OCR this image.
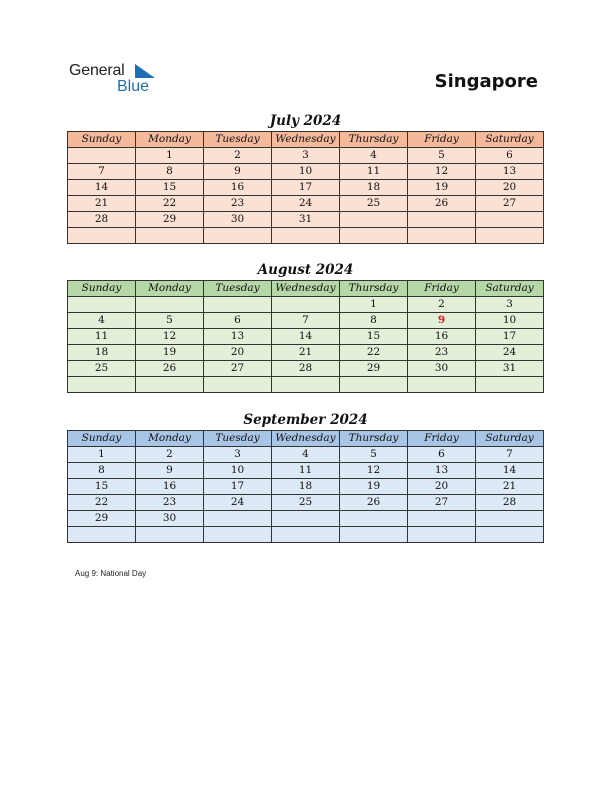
General
Blue	Singapore
July 2024
Sunday	Monday	Tuesday	Wednesday	Thursday	Friday	Saturday
	1	2	3	4	5	6
7	8	9	10	11	12	13
14	15	16	17	18	19	20
21	22	23	24	25	26	27
28	29	30	31			

August 2024
Sunday	Monday	Tuesday	Wednesday	Thursday	Friday	Saturday
				1	2	3
4	5	6	7	8	9	10
11	12	13	14	15	16	17
18	19	20	21	22	23	24
25	26	27	28	29	30	31

September 2024
Sunday	Monday	Tuesday	Wednesday	Thursday	Friday	Saturday
1	2	3	4	5	6	7
8	9	10	11	12	13	14
15	16	17	18	19	20	21
22	23	24	25	26	27	28
29	30					

Aug 9: National Day
